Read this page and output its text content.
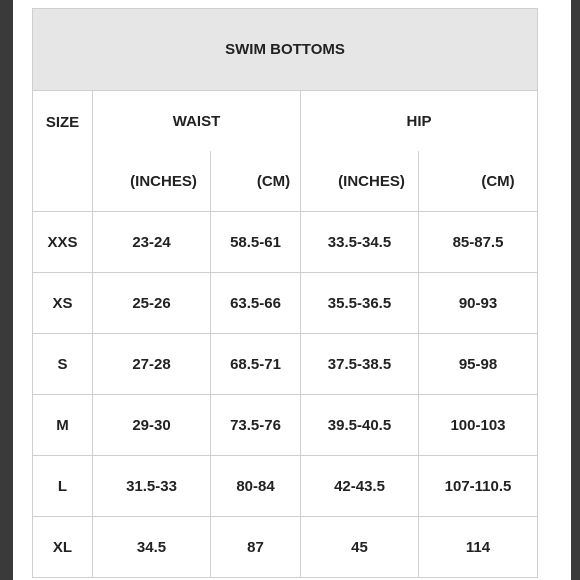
SWIM BOTTOMS				
SIZE	WAIST		HIP	
	(INCHES)	(CM)	(INCHES)	(CM)
XXS	23-24	58.5-61	33.5-34.5	85-87.5
XS	25-26	63.5-66	35.5-36.5	90-93
S	27-28	68.5-71	37.5-38.5	95-98
M	29-30	73.5-76	39.5-40.5	100-103
L	31.5-33	80-84	42-43.5	107-110.5
XL	34.5	87	45	114
